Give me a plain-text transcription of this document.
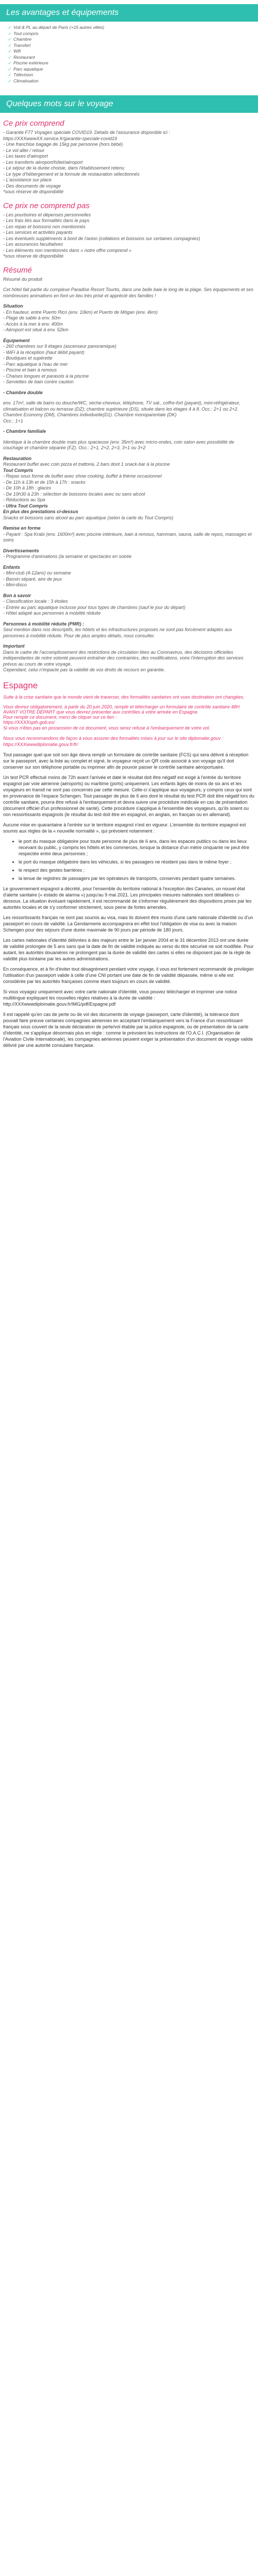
Les avantages et équipements
✓ Voil & PL au départ de Paris (+15 autres villes)
✓ Tout compris
✓ Chambre
✓ Transfert
✓ Wifi
✓ Restaurant
✓ Piscine extérieure
✓ Parc aquatique
✓ Télévision
✓ Climatisation
Quelques mots sur le voyage
Ce prix comprend
- Garantie F77 Voyages spéciale COVID19. Détails de l'assurance disponible ici :
https://XXXwwwXX.service.fr/garantie-speciale-covid19
- Une franchise bagage de 15kg par personne (hors bébé)
- Le vol aller / retour
- Les taxes d'aéroport
- Les transferts aéroport/hôtel/aéroport
- Le séjour de la durée choisie, dans l'établissement retenu
- Le type d'hébergement et la formule de restauration sélectionnés
- L'assistance sur place
- Des documents de voyage
*sous réserve de disponibilité
Ce prix ne comprend pas
- Les pourboires et dépenses personnelles
- Les frais liés aux formalités dans le pays
- Les repas et boissons non mentionnés
- Les services et activités payants
- Les éventuels suppléments à bord de l'avion (collations et boissons sur certaines compagnies)
- Les assurances facultatives
- Les éléments non mentionnés dans « notre offre comprend »
*sous réserve de disponibilité
Résumé
Résumé du produit
Cet hôtel fait partie du complexe Paradise Resort Tourtis, dans une belle baie le long de la plage. Ses équipements et ses nombreuses animations en font un lieu très prisé et apprécié des familles !
Situation
- En hauteur, entre Puerto Rico (env. 10km) et Puerto de Mógan (env. 4km)
- Plage de sable à env. 50m
- Accès à la mer à env. 400m
- Aéroport est situé à env. 52km
Équipement
- 260 chambres sur 9 étages (ascenseur panoramique)
- WiFi à la réception (haut débit payant)
- Boutiques et supérette
- Parc aquatique à l'eau de mer
- Piscine et bain à remous
- Chaises longues et parasols à la piscine
- Serviettes de bain contre caution
- Chambre double
env. 17m², salle de bains ou douche/WC, sèche-cheveux, téléphone, TV sat., coffre-fort (payant), mini-réfrigérateur, climatisation et balcon ou terrasse (DZ); chambre supérieure (DS), située dans les étages 4 à 8. Occ.: 2+1 ou 2+2. Chambre Economy (DM), Chambres individuelle(D1). Chambre monoparentale (DK)
Occ.: 1+1
- Chambre familiale
Identique à la chambre double mais plus spacieuse (env. 35m²) avec micro-ondes, coin salon avec possibilité de couchage et chambre séparée (FZ). Occ.: 2+1, 2+2, 2+3, 3+1 ou 3+2
Restauration
Restaurant buffet avec coin pizza et trattoria, 2 bars dont 1 snack-bar à la piscine
Tout Compris
- Repas sous forme de buffet avec show cooking, buffet à thème occasionnel
- De 11h à 13h et de 15h à 17h : snacks
- De 10h à 18h : glaces
- De 10h30 à 23h : sélection de boissons locales avec ou sans alcool
- Réductions au Spa
- Ultra Tout Compris
En plus des prestations ci-dessus
Snacks et boissons sans alcool au parc aquatique (selon la carte du Tout Compris)
Remise en forme
- Payant : Spa Krabi (env. 1600m²) avec piscine intérieure, bain à remous, hammam, sauna, salle de repos, massages et soins
Divertissements
- Programme d'animations (la semaine et spectacles en soirée
Enfants
- Mini-club (4-12ans) ou semaine
- Bassin séparé, aire de jeux
- Mini-disco
Bon à savoir
- Classification locale : 3 étoiles
- Entrée au parc aquatique inclusse pour tous types de chambres (sauf le jour du départ)
- Hôtel adapté aux personnes à mobilité réduite
Personnes à mobilité réduite (PMR) :
Seul mention dans nos descriptifs, les hôtels et les infrastructures proposés ne sont pas forcément adaptés aux personnes à mobilité réduite. Pour de plus amples détails, nous consulter.
Important
Dans le cadre de l'accomplissement des restrictions de circulation liées au Coronavirus, des décisions officielles indépendantes de notre volonté peuvent entraîner des contraintes, des modifications, voire l'interruption des services prévus au cours de votre voyage.
Cependant, celui n'impacte pas la validité de vos droits de recours en garantie.
Espagne
Suite à la crise sanitaire que le monde vient de traverser, des formalités sanitaires ont vues destination ont changées.
Vous devrez obligatoirement, à partir du 20 juin 2020, remplir et télécharger un formulaire de contrôle sanitaire 48H AVANT VOTRE DÉPART que vous devrez présenter aux contrôles à votre arrivée en Espagne.
Pour remplir ce document, merci de cliquer sur ce lien :
https://XXXXspth.gob.es/
Si vous n'êtes pas en possession de ce document, vous serez refusé à l'embarquement de votre vol.
Nous vous recommandons de façon à vous assurer des formalités mises à jour sur le site diplomatie.gouv : https://XXXwwwdiplomatie.gouv.fr/fr/
Tout passager quel que soit son âge devra remplir un formulaire de contrôle sanitaire (FCS) qui sera délivré à réception sur le passeport, avec la liste au complet et signé, le voyageur reçoit un QR code associé à son voyage qu'il doit conserver sur son téléphone portable ou imprimer afin de pouvoir passer le contrôle sanitaire aéroportuaire.
Un test PCR effectué moins de 72h avant l'arrivée et daté le résultat doit être négatif est exigé à l'entrée du territoire espagnol par voie aérienne (aéroports) ou maritime (ports) uniquement. Les enfants âgés de moins de six ans et les voyageurs en transit ne sont pas concernés par cette mesure. Celle-ci s'applique aux voyageurs, y compris ceux qui sont en provenance de l'espace Schengen. Tout passager de plus de 6 ans dont le résultat du test PCR doit être négatif lors du contrôle sanitaire, pourra être refusé à l'embarquement et devra suivre une procédure médicale en cas de présentation (document officiel d'un professionnel de santé). Cette procédure s'applique à l'ensemble des voyageurs, qu'ils soient ou non ressortissants espagnols (le résultat du test doit être en espagnol, en anglais, en français ou en allemand).
Aucune mise en quarantaine à l'entrée sur le territoire espagnol n'est en vigueur. L'ensemble du territoire espagnol est soumis aux règles de la « nouvelle normalité », qui prévoient notamment :
• le port du masque obligatoire pour toute personne de plus de 6 ans, dans les espaces publics ou dans les lieux recevant du public, y compris les hôtels et les commerces, lorsque la distance d'un mètre cinquante ne peut être respectée entre deux personnes ;
• le port du masque obligatoire dans les véhicules, si les passagers ne résident pas dans le même foyer ;
• le respect des gestes barrières ;
• la tenue de registres de passagers par les opérateurs de transports, conservés pendant quatre semaines.
Le gouvernement espagnol a décrété, pour l'ensemble du territoire national à l'exception des Canaries, un nouvel état d'alerte sanitaire (« estado de alarma ») jusqu'au 9 mai 2021. Les principales mesures nationales sont détaillées ci-dessous. La situation évoluant rapidement, il est recommandé de s'informer régulièrement des dispositions prises par les autorités locales et de s'y conformer strictement, sous peine de fortes amendes.
Les ressortissants français ne sont pas soumis au visa, mais ils doivent être munis d'une carte nationale d'identité ou d'un passeport en cours de validité. La Gendarmerie accompagnera en effet tout l'obligation de visa ou avec la maison Schengen pour des séjours d'une durée maximale de 90 jours par période de 180 jours.
Les cartes nationales d'identité délivrées à des majeurs entre le 1er janvier 2004 et le 31 décembre 2013 ont une durée de validité prolongée de 5 ans sans que la date de fin de validité indiquée au verso du titre sécurisé ne soit modifiée. Pour autant, les autorités douanières ne prolongent pas la durée de validité des cartes si elles ne disposent pas de la règle de validité plus lointaine par les autres administrations.
En conséquence, et à fin d'éviter tout désagrément pendant votre voyage, il vous est fortement recommandé de privilégier l'utilisation d'un passeport valide à celle d'une CNI portant une date de fin de validité dépassée, même si elle est considérée par les autorités françaises comme étant toujours en cours de validité.
Si vous voyagez uniquement avec votre carte nationale d'identité, vous pouvez télécharger et imprimer une notice multilingue expliquant les nouvelles règles relatives à la durée de validité : http://XXXwwwdiplomatie.gouv.fr/IMG/pdf/Espagne.pdf
Il est rappelé qu'en cas de perte ou de vol des documents de voyage (passeport, carte d'identité), la tolérance dont pouvait faire preuve certaines compagnies aériennes en acceptant l'embarquement vers la France d'un ressortissant français sous couvert de la seule déclaration de perte/vol établie par la police espagnole, ou de présentation de la carte d'identité, ne s'applique désormais plus en règle : comme le prévoient les instructions de l'O.A.C.I. (Organisation de l'Aviation Civile Internationale), les compagnies aériennes peuvent exiger la présentation d'un document de voyage valide délivré par une autorité consulaire française.
